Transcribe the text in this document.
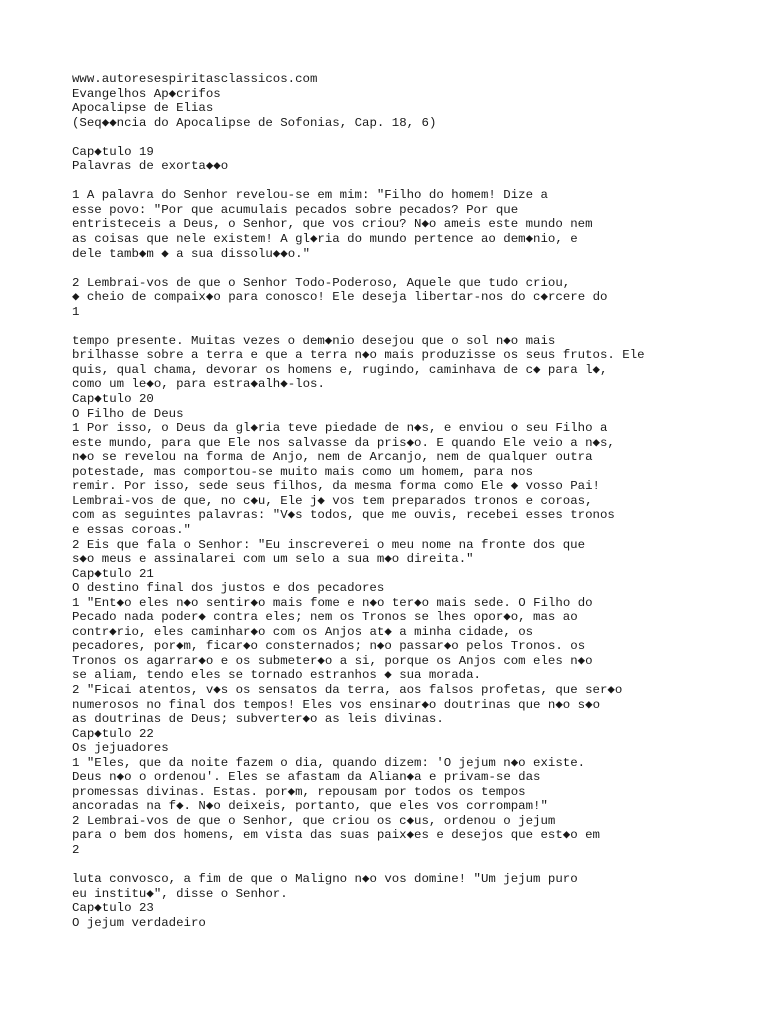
www.autoresespiritasclassicos.com
Evangelhos Ap◆crifos
Apocalipse de Elias
(Seq◆◆ncia do Apocalipse de Sofonias, Cap. 18, 6)
Cap◆tulo 19
Palavras de exorta◆◆o
1 A palavra do Senhor revelou-se em mim: "Filho do homem! Dize a
esse povo: "Por que acumulais pecados sobre pecados? Por que
entristeceis a Deus, o Senhor, que vos criou? N◆o ameis este mundo nem
as coisas que nele existem! A gl◆ria do mundo pertence ao dem◆nio, e
dele tamb◆m ◆ a sua dissolu◆◆o."
2 Lembrai-vos de que o Senhor Todo-Poderoso, Aquele que tudo criou,
◆ cheio de compaix◆o para conosco! Ele deseja libertar-nos do c◆rcere do
1
tempo presente. Muitas vezes o dem◆nio desejou que o sol n◆o mais
brilhasse sobre a terra e que a terra n◆o mais produzisse os seus frutos. Ele
quis, qual chama, devorar os homens e, rugindo, caminhava de c◆ para l◆,
como um le◆o, para estra◆alh◆-los.
Cap◆tulo 20
O Filho de Deus
1 Por isso, o Deus da gl◆ria teve piedade de n◆s, e enviou o seu Filho a
este mundo, para que Ele nos salvasse da pris◆o. E quando Ele veio a n◆s,
n◆o se revelou na forma de Anjo, nem de Arcanjo, nem de qualquer outra
potestade, mas comportou-se muito mais como um homem, para nos
remir. Por isso, sede seus filhos, da mesma forma como Ele ◆ vosso Pai!
Lembrai-vos de que, no c◆u, Ele j◆ vos tem preparados tronos e coroas,
com as seguintes palavras: "V◆s todos, que me ouvis, recebei esses tronos
e essas coroas."
2 Eis que fala o Senhor: "Eu inscreverei o meu nome na fronte dos que
s◆o meus e assinalarei com um selo a sua m◆o direita."
Cap◆tulo 21
O destino final dos justos e dos pecadores
1 "Ent◆o eles n◆o sentir◆o mais fome e n◆o ter◆o mais sede. O Filho do
Pecado nada poder◆ contra eles; nem os Tronos se lhes opor◆o, mas ao
contr◆rio, eles caminhar◆o com os Anjos at◆ a minha cidade, os
pecadores, por◆m, ficar◆o consternados; n◆o passar◆o pelos Tronos. os
Tronos os agarrar◆o e os submeter◆o a si, porque os Anjos com eles n◆o
se aliam, tendo eles se tornado estranhos ◆ sua morada.
2 "Ficai atentos, v◆s os sensatos da terra, aos falsos profetas, que ser◆o
numerosos no final dos tempos! Eles vos ensinar◆o doutrinas que n◆o s◆o
as doutrinas de Deus; subverter◆o as leis divinas.
Cap◆tulo 22
Os jejuadores
1 "Eles, que da noite fazem o dia, quando dizem: 'O jejum n◆o existe.
Deus n◆o o ordenou'. Eles se afastam da Alian◆a e privam-se das
promessas divinas. Estas. por◆m, repousam por todos os tempos
ancoradas na f◆. N◆o deixeis, portanto, que eles vos corrompam!"
2 Lembrai-vos de que o Senhor, que criou os c◆us, ordenou o jejum
para o bem dos homens, em vista das suas paix◆es e desejos que est◆o em
2
luta convosco, a fim de que o Maligno n◆o vos domine! "Um jejum puro
eu institu◆", disse o Senhor.
Cap◆tulo 23
O jejum verdadeiro
